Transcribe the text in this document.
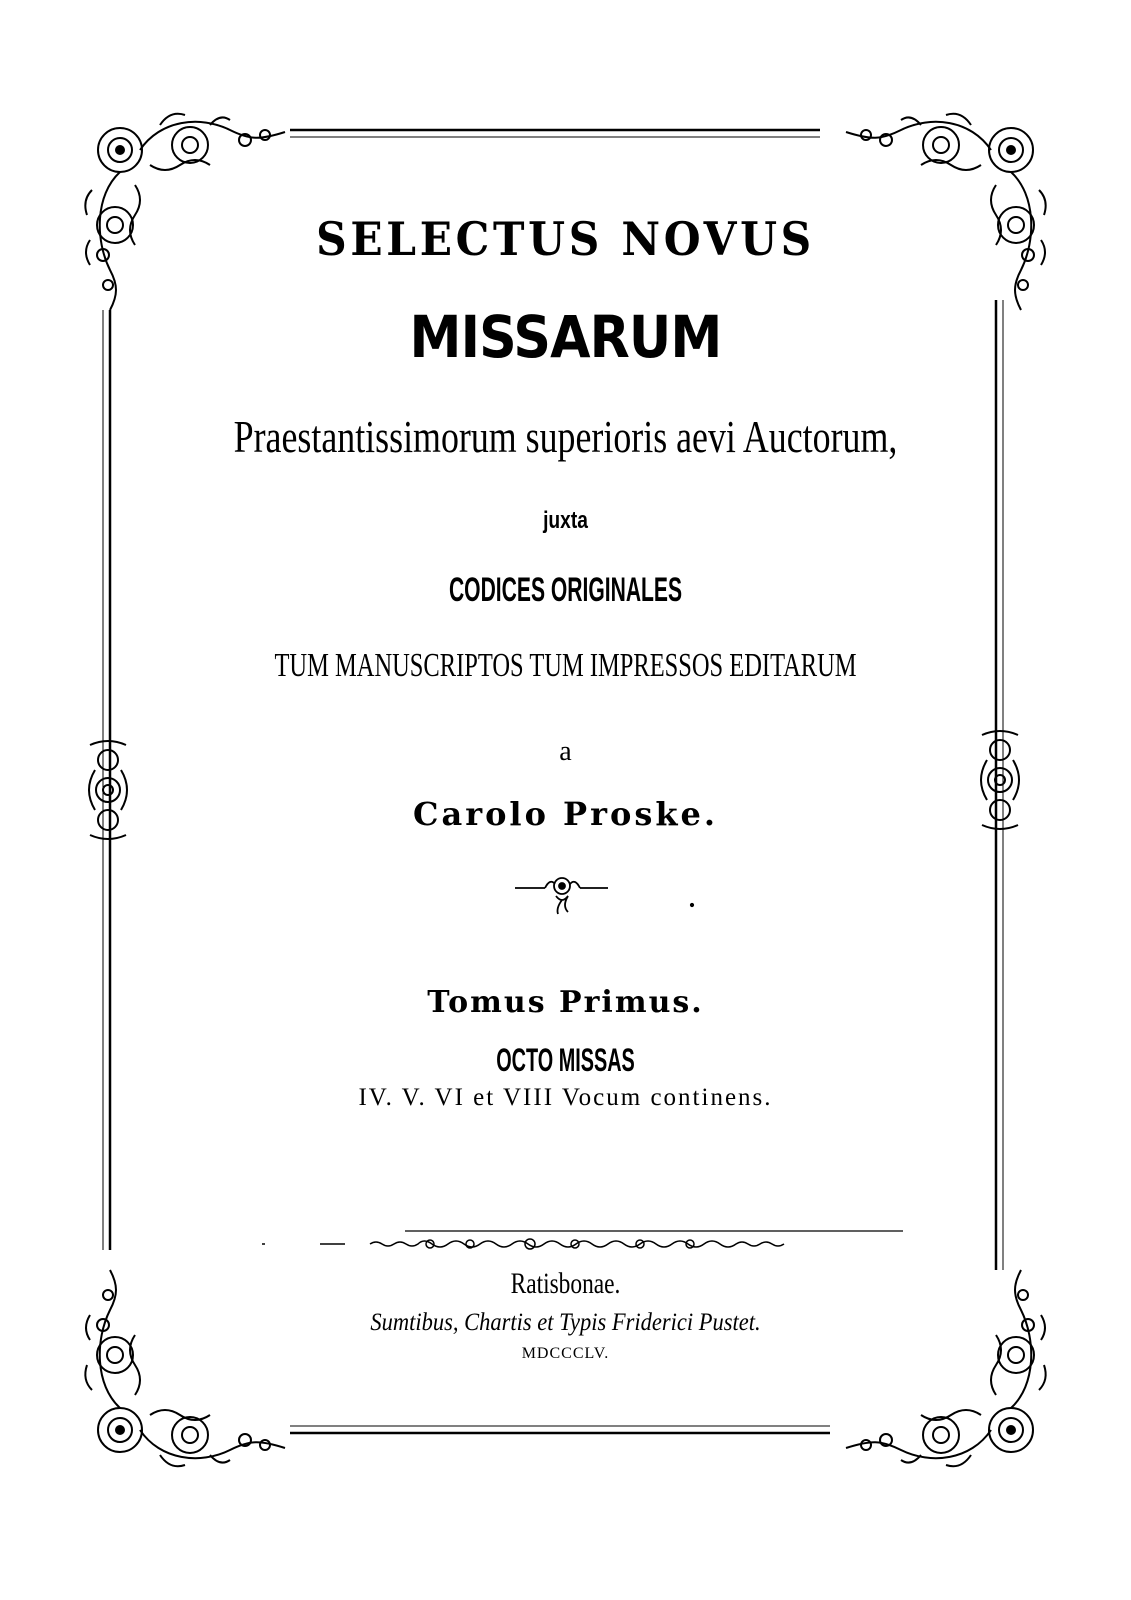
SELECTUS NOVUS
MISSARUM
Praestantissimorum superioris aevi Auctorum,
juxta
CODICES ORIGINALES
TUM MANUSCRIPTOS TUM IMPRESSOS EDITARUM
a
Carolo Proske.
Tomus Primus.
OCTO MISSAS
IV. V. VI et VIII Vocum continens.
Ratisbonae.
Sumtibus, Chartis et Typis Friderici Pustet.
MDCCCLV.
